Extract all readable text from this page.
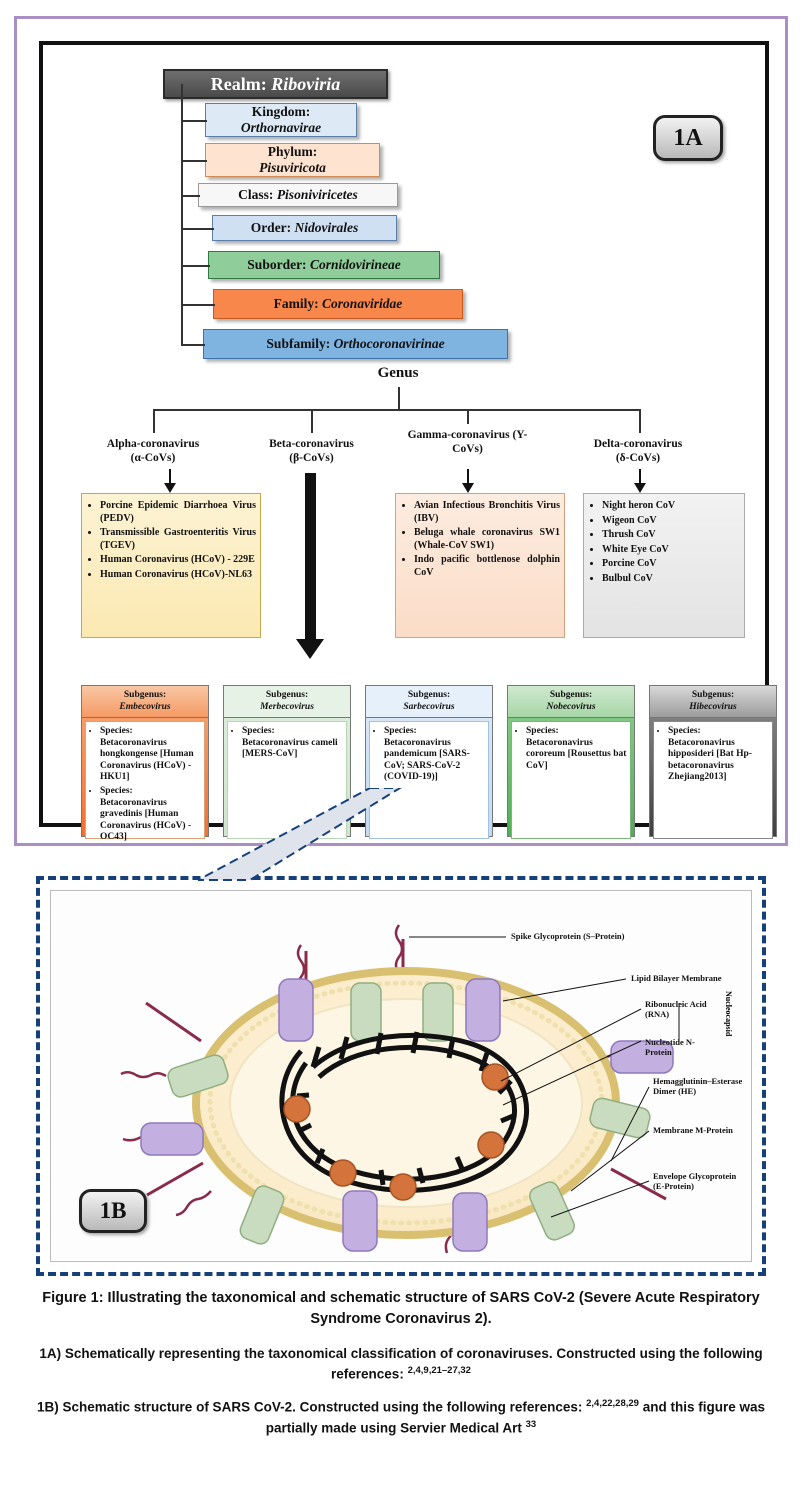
1A
Realm:
Riboviria
Kingdom:
Orthornavirae
Phylum:
Pisuviricota
Class:
Pisoniviricetes
Order:
Nidovirales
Suborder:
Cornidovirineae
Family:
Coronaviridae
Subfamily:
Orthocoronavirinae
Genus
Alpha-coronavirus
(α-CoVs)
Beta-coronavirus
(β-CoVs)
Gamma-coronavirus (Υ-
CoVs)	Delta-coronavirus
(δ-CoVs)
• Porcine Epidemic Diarrhoea Virus (PEDV)
• Transmissible Gastroenteritis Virus (TGEV)
• Human Coronavirus (HCoV) - 229E
• Human Coronavirus (HCoV)-NL63
• Avian Infectious Bronchitis Virus (IBV)
• Beluga whale coronavirus SW1 (Whale-CoV SW1)
• Indo pacific bottlenose dolphin CoV
• Night heron CoV
• Wigeon CoV
• Thrush CoV
• White Eye CoV
• Porcine CoV
• Bulbul CoV
Subgenus:
Embecovirus
• Species: Betacoronavirus hongkongense [Human Coronavirus (HCoV) - HKU1]
• Species: Betacoronavirus gravedinis [Human Coronavirus (HCoV) - OC43]
Subgenus:
Merbecovirus
• Species: Betacoronavirus cameli [MERS-CoV]
Subgenus:
Sarbecovirus
• Species: Betacoronavirus pandemicum [SARS-CoV; SARS-CoV-2 (COVID-19)]
Subgenus:
Nobecovirus
• Species: Betacoronavirus cororeum [Rousettus bat CoV]
Subgenus:
Hibecovirus
• Species: Betacoronavirus hipposideri [Bat Hp-betacoronavirus Zhejiang2013]
Spike Glycoprotein (S–Protein)
Lipid Bilayer Membrane
Ribonucleic Acid (RNA)
Nucleotide N-Protein
Hemagglutinin–Esterase Dimer (HE)
Membrane M-Protein
Envelope Glycoprotein (E-Protein)
Nucleocapsid
1B
Figure 1: Illustrating the taxonomical and schematic structure of SARS CoV-2 (Severe Acute Respiratory Syndrome Coronavirus 2).
1A) Schematically representing the taxonomical classification of coronaviruses. Constructed using the following references: $^{2,4,9,21-27,32}$
1B) Schematic structure of SARS CoV-2. Constructed using the following references: $^{2,4,22,28,29}$ and this figure was partially made using Servier Medical Art $^{33}$
